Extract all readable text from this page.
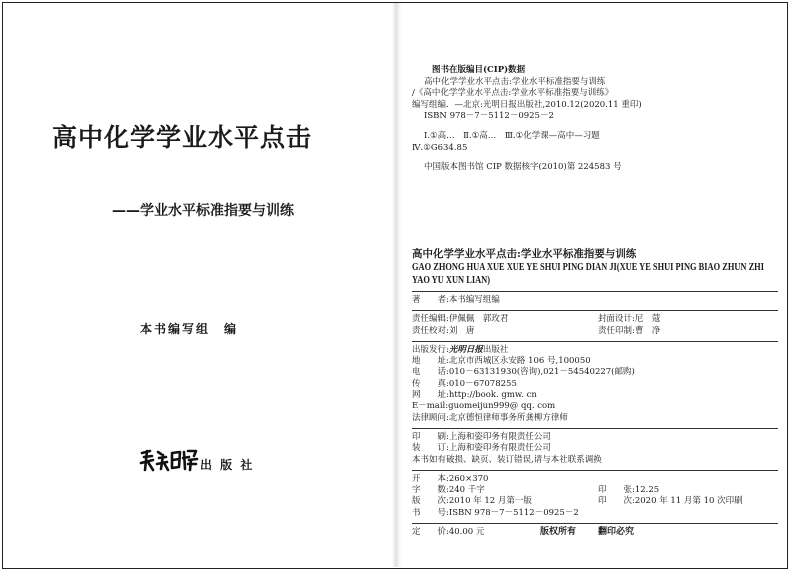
高中化学学业水平点击
——学业水平标准指要与训练
本书编写组　编
出 版 社
图书在版编目(CIP)数据
高中化学学业水平点击:学业水平标准指要与训练
/《高中化学学业水平点击:学业水平标准指要与训练》
编写组编．—北京:光明日报出版社,2010.12(2020.11 重印)
ISBN 978－7－5112－0925－2
Ⅰ.①高…　Ⅱ.①高…　Ⅲ.①化学课—高中—习题
Ⅳ.①G634.85
中国版本图书馆 CIP 数据核字(2010)第 224583 号
高中化学学业水平点击:学业水平标准指要与训练
GAO ZHONG HUA XUE XUE YE SHUI PING DIAN JI(XUE YE SHUI PING BIAO ZHUN ZHI YAO YU XUN LIAN)
著　　者:本书编写组编
责任编辑:伊佩佩　郭玫君	封面设计:尼　蔻
责任校对:刘　唐	责任印制:曹　净
出版发行:光明日报出版社
地　　址:北京市西城区永安路 106 号,100050
电　　话:010－63131930(咨询),021－54540227(邮购)
传　　真:010－67078255
网　　址:http://book. gmw. cn
E－mail:guomeijun999@ qq. com
法律顾问:北京德恒律师事务所龚柳方律师
印　　刷:上海和姿印务有限责任公司
装　　订:上海和姿印务有限责任公司
本书如有破损、缺页、装订错误,请与本社联系调换
开　　本:260×370
字　　数:240 千字	印　　张:12.25
版　　次:2010 年 12 月第一版	印　　次:2020 年 11 月第 10 次印刷
书　　号:ISBN 978－7－5112－0925－2
定　　价:40.00 元	版权所有 翻印必究
